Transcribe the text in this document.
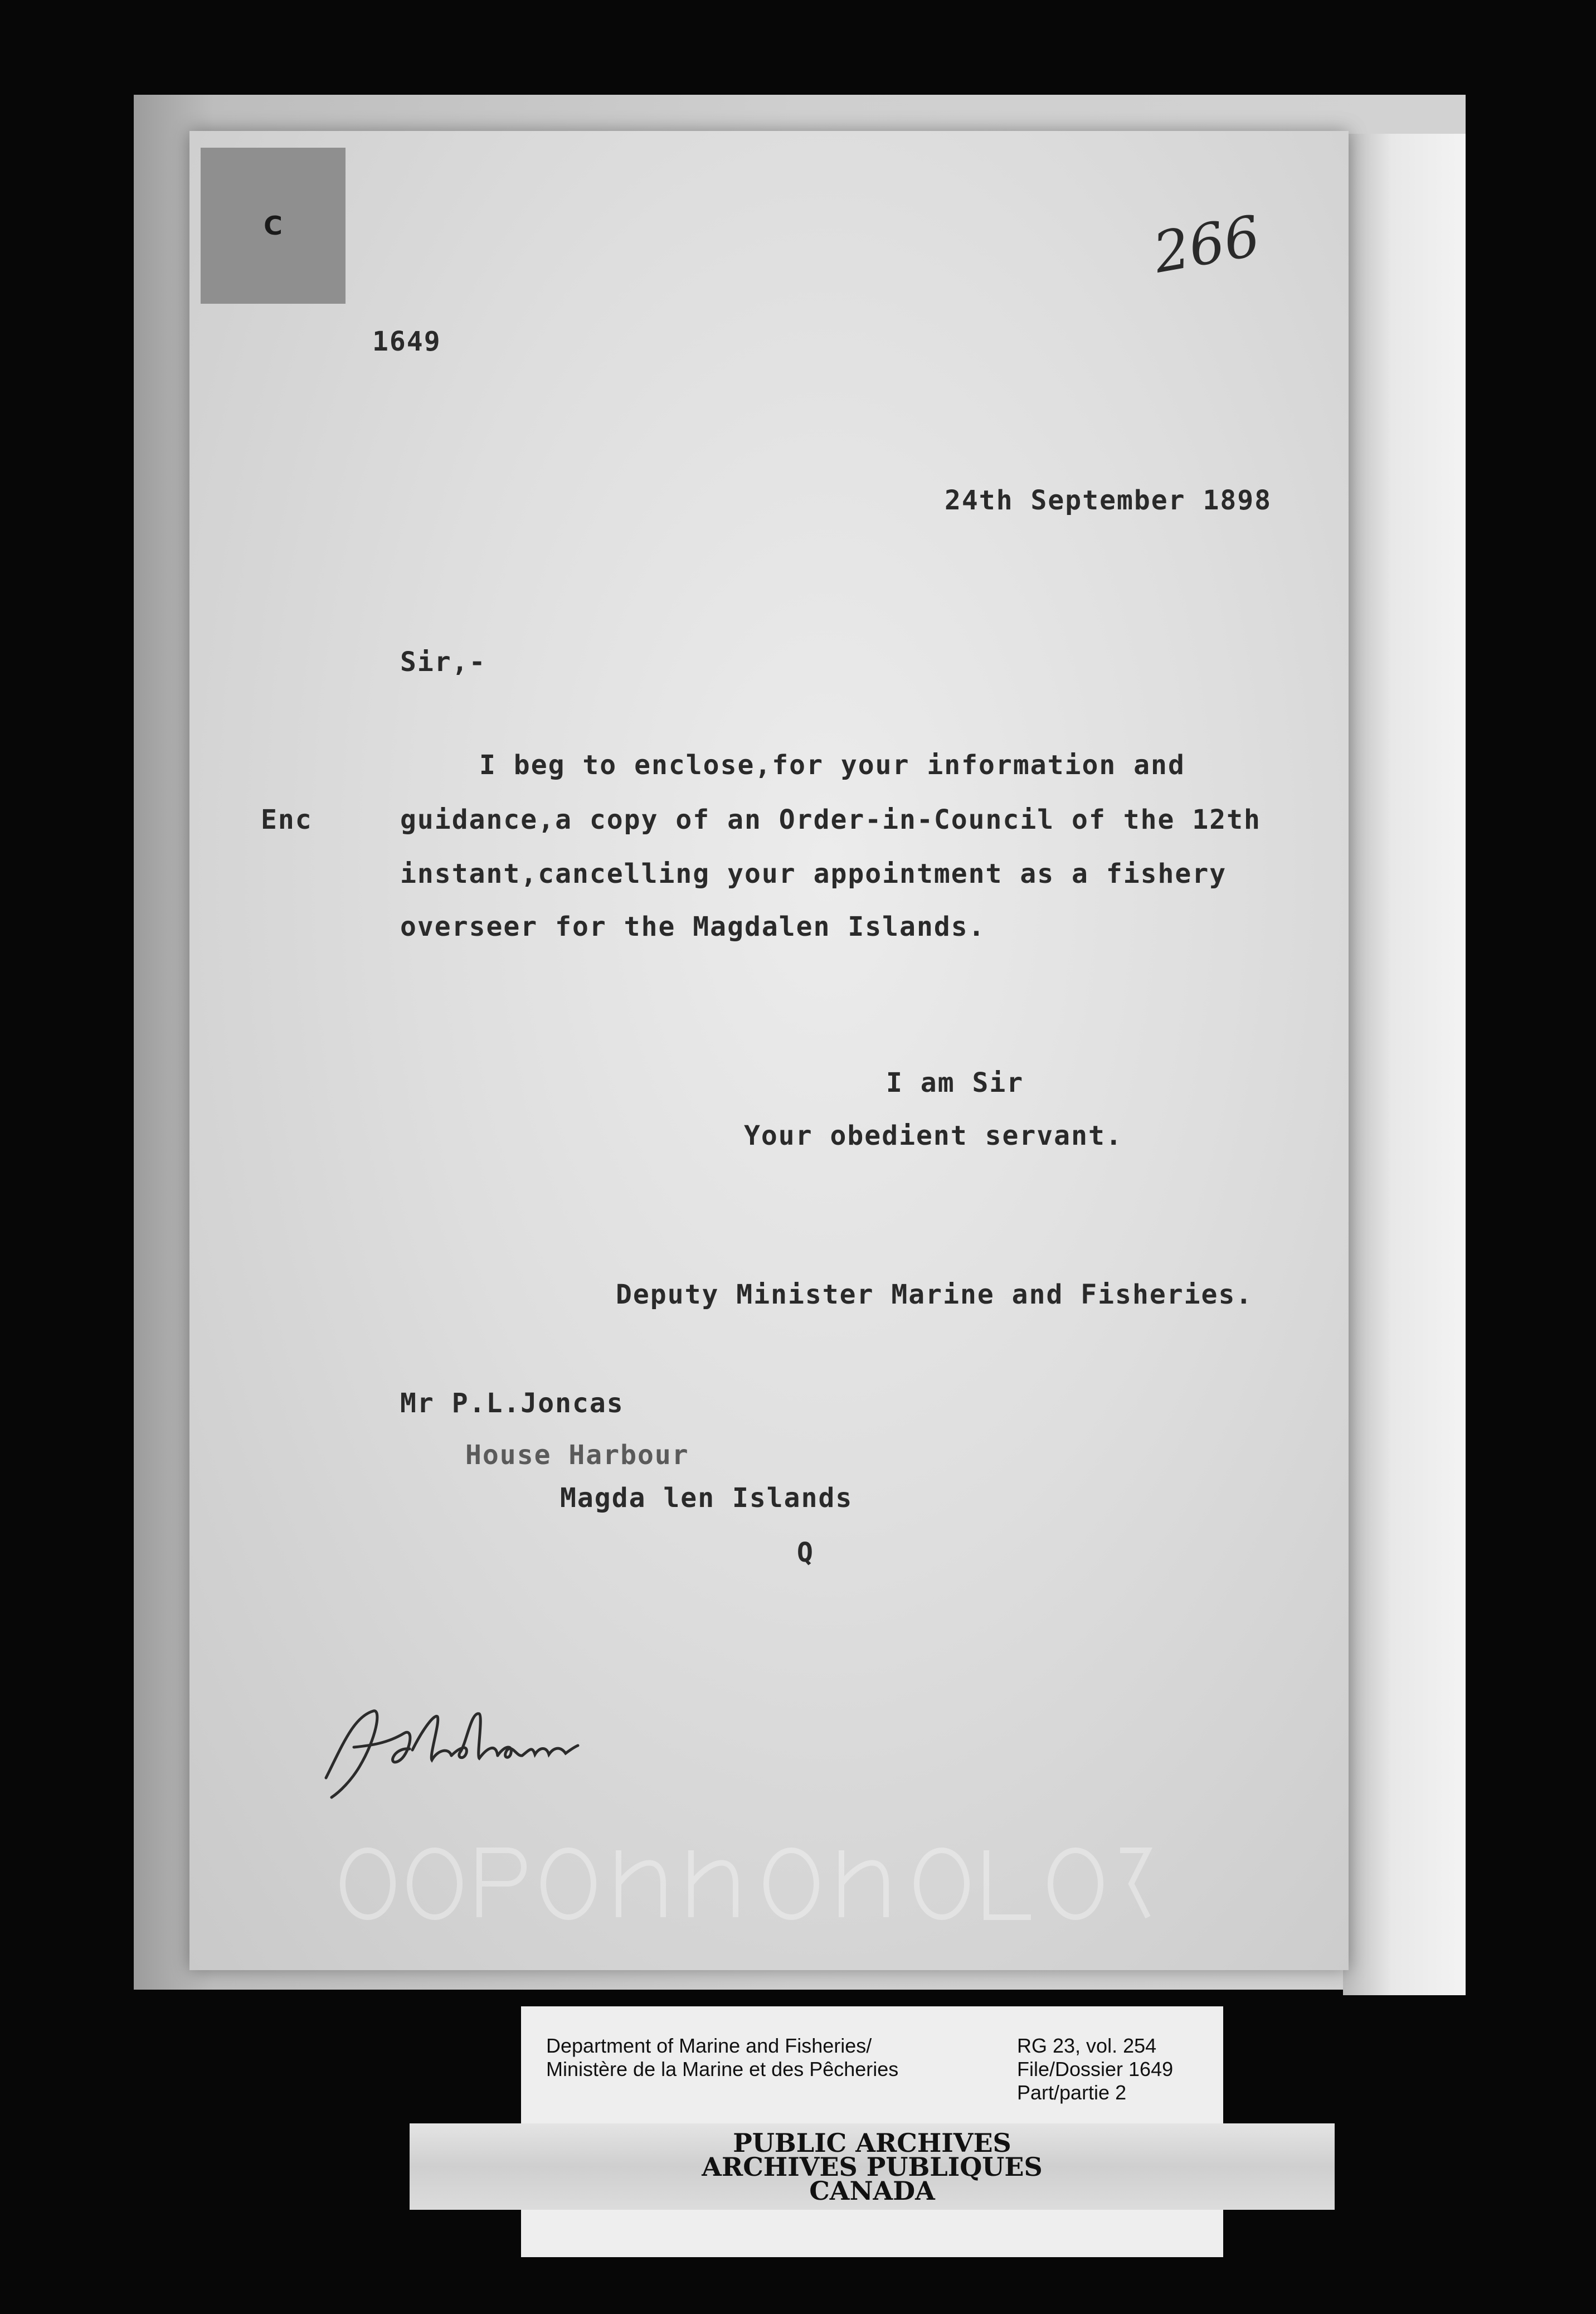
C	266
1649
24th September 1898
Sir,-
I beg to enclose,for your information and
Enc	guidance,a copy of an Order-in-Council of the 12th
instant,cancelling your appointment as a fishery
overseer for the Magdalen Islands.
I am Sir
Your obedient servant.
Deputy Minister Marine and Fisheries.
Mr P.L.Joncas
House Harbour
Magda len Islands
Q
Department of Marine and Fisheries/
Ministère de la Marine et des Pêcheries
RG 23, vol. 254
File/Dossier 1649
Part/partie 2
PUBLIC ARCHIVES
ARCHIVES PUBLIQUES
CANADA
